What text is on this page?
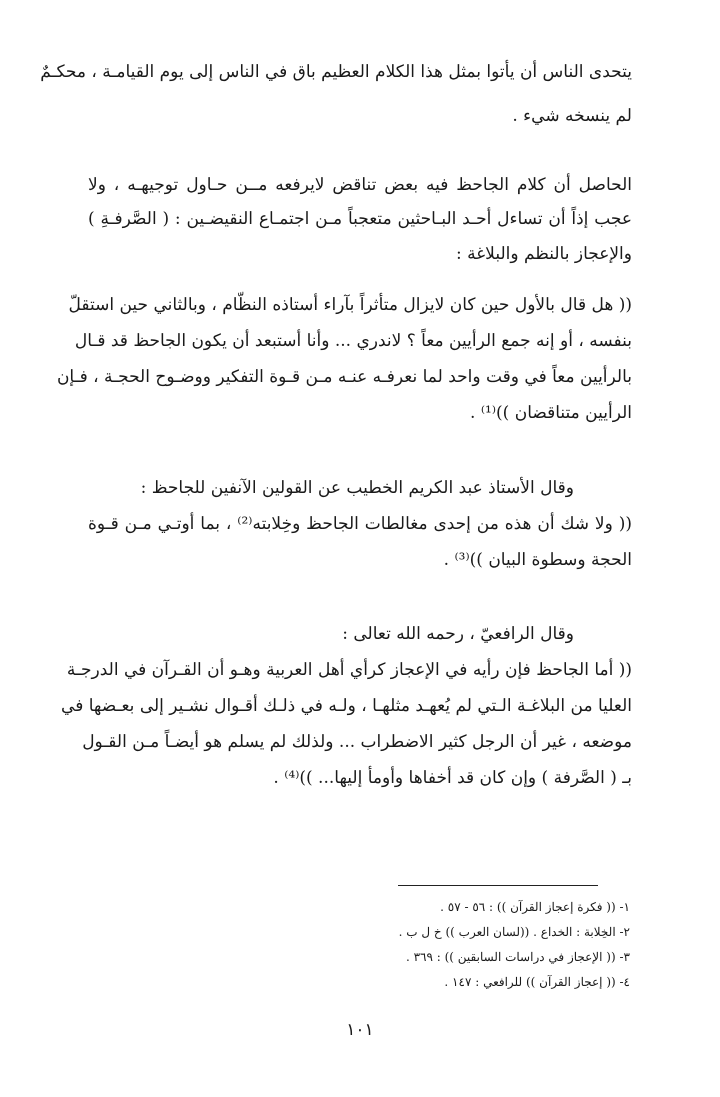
يتحدى الناس أن يأتوا بمثل هذا الكلام العظيم باق في الناس إلى يوم القيامـة ، محكـمٌ
لم ينسخه شيء .
الحاصل أن كلام الجاحظ فيه بعض تناقض لايرفعه مــن حـاول توجيهـه ، ولا
عجب إذاً أن تساءل أحـد البـاحثين متعجباً مـن اجتمـاع النقيضـين : ( الصَّرفـةِ )
والإعجاز بالنظم والبلاغة :
(( هل قال بالأول حين كان لايزال متأثراً بآراء أستاذه النظّام ، وبالثاني حين استقلّ
بنفسه ، أو إنه جمع الرأيين معاً ؟ لاندري ... وأنا أستبعد أن يكون الجاحظ قد قـال
بالرأيين معاً في وقت واحد لما نعرفـه عنـه مـن قـوة التفكير ووضـوح الحجـة ، فـإن
الرأيين متناقضان ))⁽¹⁾ .
وقال الأستاذ عبد الكريم الخطيب عن القولين الآنفين للجاحظ :
(( ولا شك أن هذه من إحدى مغالطات الجاحظ وخِلابته⁽²⁾ ، بما أوتـي مـن قـوة
الحجة وسطوة البيان ))⁽³⁾ .
وقال الرافعيّ ، رحمه الله تعالى :
(( أما الجاحظ فإن رأيه في الإعجاز كرأي أهل العربية وهـو أن القـرآن في الدرجـة
العليا من البلاغـة الـتي لم يُعهـد مثلهـا ، ولـه في ذلـك أقـوال نشـير إلى بعـضها في
موضعه ، غير أن الرجل كثير الاضطراب ... ولذلك لم يسلم هو أيضـاً مـن القـول
بـ ( الصَّرفة ) وإن كان قد أخفاها وأومأ إليها... ))⁽⁴⁾ .
١- (( فكرة إعجاز القرآن )) : ٥٦ - ٥٧ .
٢- الخِلابة : الخداع . ((لسان العرب )) خ ل ب .
٣- (( الإعجاز في دراسات السابقين )) : ٣٦٩ .
٤- (( إعجاز القرآن )) للرافعي : ١٤٧ .
١٠١
